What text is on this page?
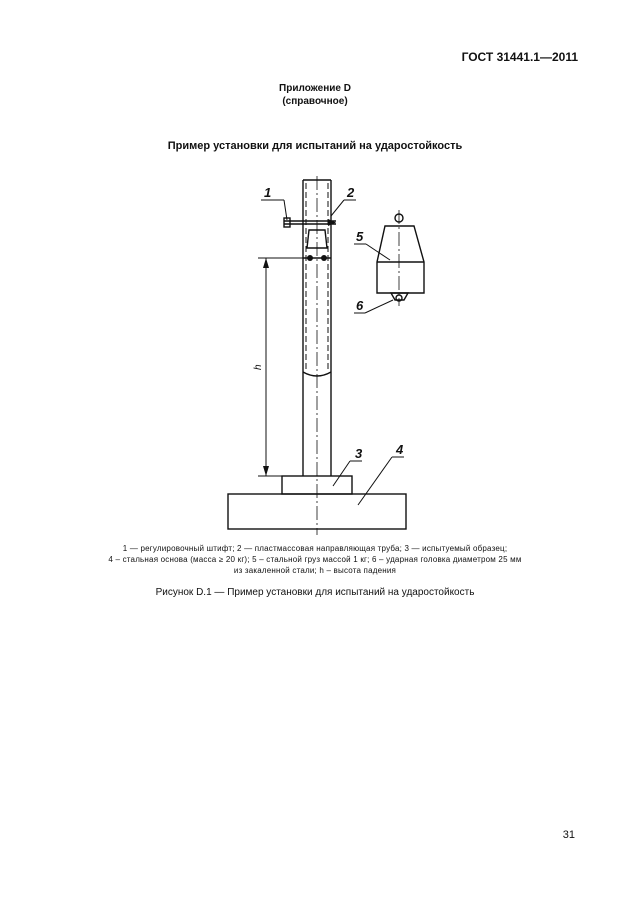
ГОСТ 31441.1—2011
Приложение D
(справочное)
Пример установки для испытаний на ударостойкость
1	2
3	4
5
6
h
1 — регулировочный штифт; 2 — пластмассовая направляющая труба; 3 — испытуемый образец;
4 – стальная основа (масса ≥ 20 кг); 5 – стальной груз массой 1 кг; 6 – ударная головка диаметром 25 мм
из закаленной стали; h – высота падения
Рисунок D.1 — Пример установки для испытаний на ударостойкость
31
